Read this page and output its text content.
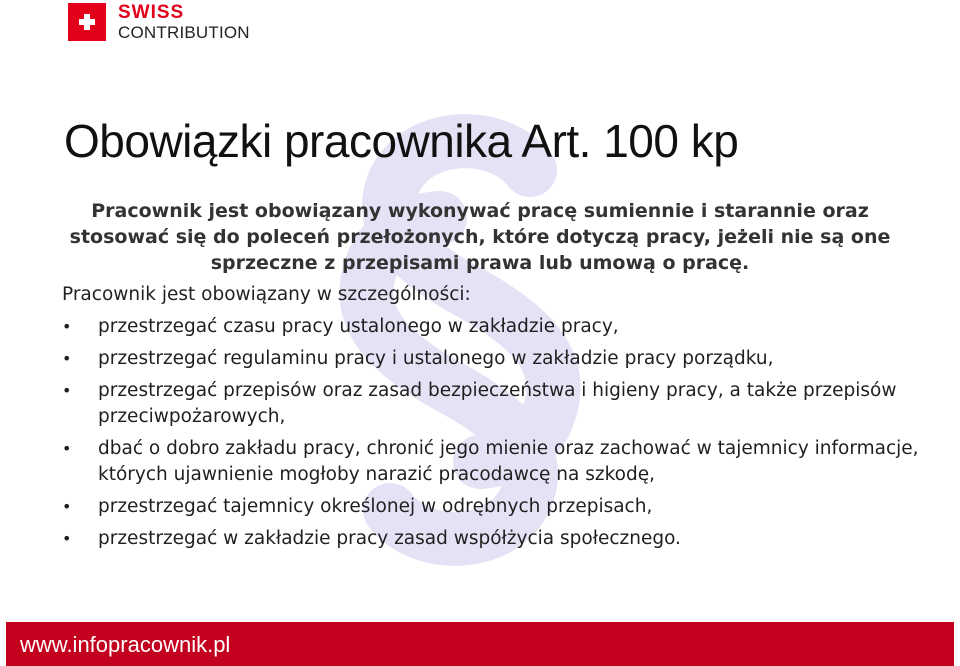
SWISS
CONTRIBUTION
Obowiązki pracownika Art. 100 kp

Pracownik jest obowiązany wykonywać pracę sumiennie i starannie oraz stosować się do poleceń przełożonych, które dotyczą pracy, jeżeli nie są one sprzeczne z przepisami prawa lub umową o pracę.

Pracownik jest obowiązany w szczególności:

• przestrzegać czasu pracy ustalonego w zakładzie pracy,
• przestrzegać regulaminu pracy i ustalonego w zakładzie pracy porządku,
• przestrzegać przepisów oraz zasad bezpieczeństwa i higieny pracy, a także przepisów przeciwpożarowych,
• dbać o dobro zakładu pracy, chronić jego mienie oraz zachować w tajemnicy informacje, których ujawnienie mogłoby narazić pracodawcę na szkodę,
• przestrzegać tajemnicy określonej w odrębnych przepisach,
• przestrzegać w zakładzie pracy zasad współżycia społecznego.
www.infopracownik.pl
